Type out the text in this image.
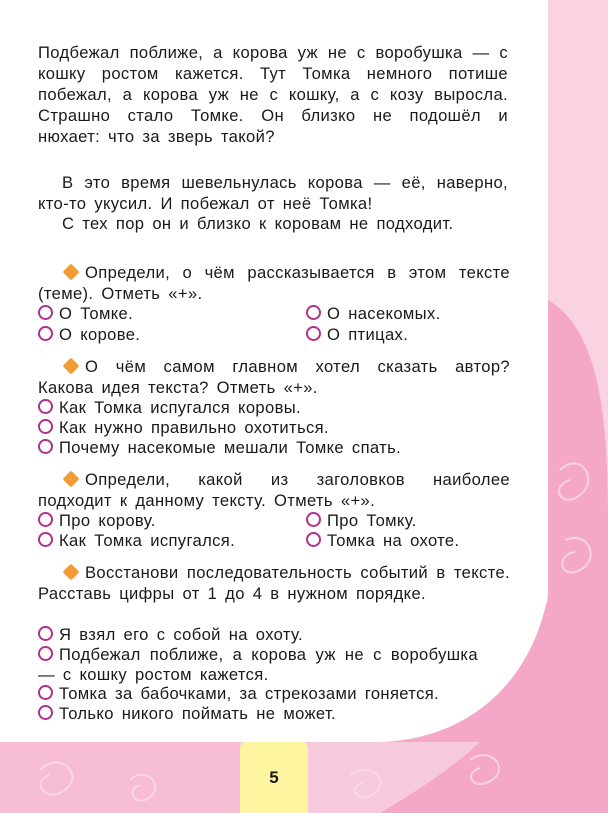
Подбежал поближе, а корова уж не с воробушка — с кошку ростом кажется. Тут Томка немного потише побежал, а корова уж не с кошку, а с козу выросла. Страшно стало Томке. Он близко не подошёл и нюхает: что за зверь такой?
В это время шевельнулась корова — её, наверно, кто-то укусил. И побежал от неё Томка!
С тех пор он и близко к коровам не подходит.
Определи, о чём рассказывается в этом тексте (теме). Отметь «+».
О Томке.
О корове.
О насекомых.
О птицах.
О чём самом главном хотел сказать автор? Какова идея текста? Отметь «+».
Как Томка испугался коровы.
Как нужно правильно охотиться.
Почему насекомые мешали Томке спать.
Определи, какой из заголовков наиболее подходит к данному тексту. Отметь «+».
Про корову.
Как Томка испугался.
Про Томку.
Томка на охоте.
Восстанови последовательность событий в тексте. Расставь цифры от 1 до 4 в нужном порядке.
Я взял его с собой на охоту.
Подбежал поближе, а корова уж не с воробушка — с кошку ростом кажется.
Томка за бабочками, за стрекозами гоняется.
Только никого поймать не может.
5
